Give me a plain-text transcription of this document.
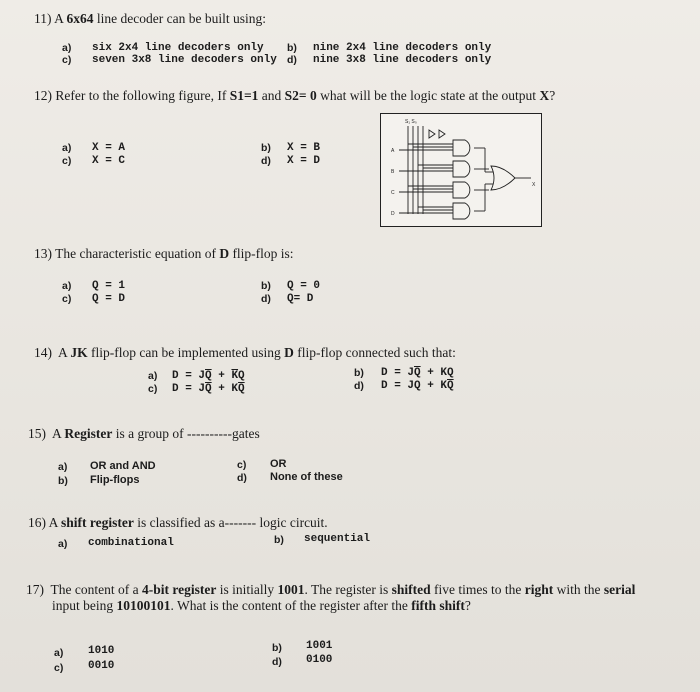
11) A 6x64 line decoder can be built using:
a) six 2x4 line decoders only b) nine 2x4 line decoders only
c) seven 3x8 line decoders only d) nine 3x8 line decoders only
12) Refer to the following figure, If S1=1 and S2= 0 what will be the logic state at the output X?
a) X = A	b) X = B
c) X = C	d) X = D
S₁ S₀
A
B
C
D
X
13) The characteristic equation of D flip-flop is:
a) Q = 1	b) Q = 0
c) Q = D	d) Q= D
14) A JK flip-flop can be implemented using D flip-flop connected such that:
a) $D = J\overline{Q} + \overline{K}Q$	b) $D = J\overline{Q}$ + KQ
c) $D = J\overline{Q} + K\overline{Q}$	d) D = JQ + $K\overline{Q}$
15) A Register is a group of ----------gates
a) OR and AND	c) OR
b) Flip-flops	d) None of these
16) A shift register is classified as a------- logic circuit.
a) combinational	b) sequential
17) The content of a 4-bit register is initially 1001. The register is shifted five times to the right with the serial
input being 10100101. What is the content of the register after the fifth shift?
a) 1010	b) 1001
c) 0010	d) 0100
